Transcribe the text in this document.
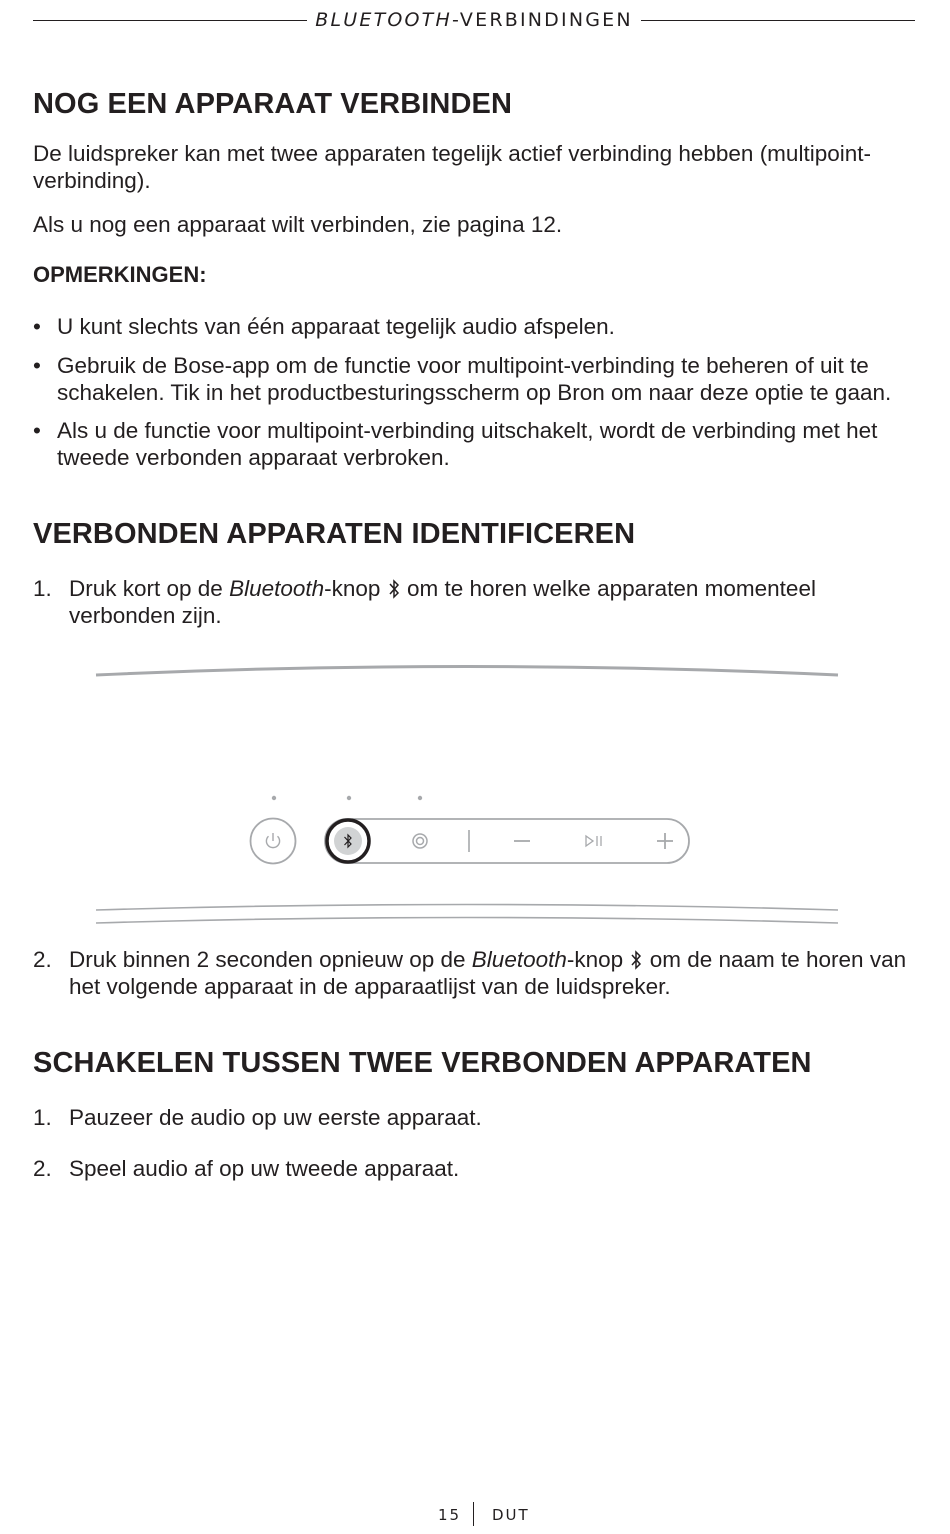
BLUETOOTH-VERBINDINGEN
NOG EEN APPARAAT VERBINDEN

De luidspreker kan met twee apparaten tegelijk actief verbinding hebben (multipoint-verbinding).

Als u nog een apparaat wilt verbinden, zie pagina 12.

OPMERKINGEN:

• U kunt slechts van één apparaat tegelijk audio afspelen.
• Gebruik de Bose-app om de functie voor multipoint-verbinding te beheren of uit te schakelen. Tik in het productbesturingsscherm op Bron om naar deze optie te gaan.
• Als u de functie voor multipoint-verbinding uitschakelt, wordt de verbinding met het tweede verbonden apparaat verbroken.
VERBONDEN APPARATEN IDENTIFICEREN
1. Druk kort op de Bluetooth-knop  om te horen welke apparaten momenteel verbonden zijn.
2. Druk binnen 2 seconden opnieuw op de Bluetooth-knop  om de naam te horen van het volgende apparaat in de apparaatlijst van de luidspreker.
SCHAKELEN TUSSEN TWEE VERBONDEN APPARATEN
1. Pauzeer de audio op uw eerste apparaat.
2. Speel audio af op uw tweede apparaat.
15 DUT
